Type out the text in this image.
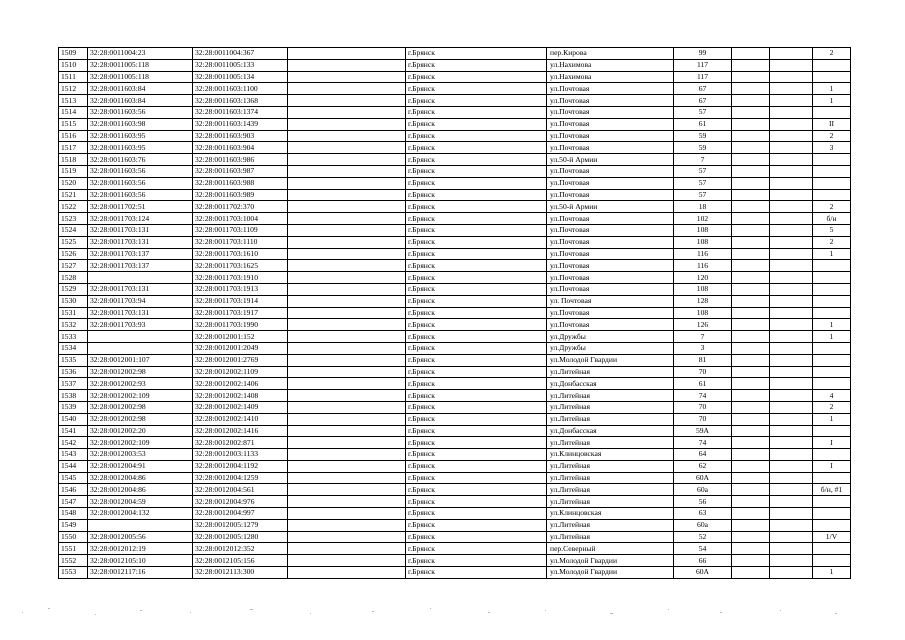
1509	32:28:0011004:23	32:28:0011004:367		г.Брянск	пер.Кирова	99			2
1510	32:28:0011005:118	32:28:0011005:133		г.Брянск	ул.Нахимова	117			
1511	32:28:0011005:118	32:28:0011005:134		г.Брянск	ул.Нахимова	117			
1512	32:28:0011603:84	32:28:0011603:1100		г.Брянск	ул.Почтовая	67			1
1513	32:28:0011603:84	32:28:0011603:1368		г.Брянск	ул.Почтовая	67			1
1514	32:28:0011603:56	32:28:0011603:1374		г.Брянск	ул.Почтовая	57			
1515	32:28:0011603:98	32:28:0011603:1439		г.Брянск	ул.Почтовая	61			II
1516	32:28:0011603:95	32:28:0011603:903		г.Брянск	ул.Почтовая	59			2
1517	32:28:0011603:95	32:28:0011603:904		г.Брянск	ул.Почтовая	59			3
1518	32:28:0011603:76	32:28:0011603:986		г.Брянск	ул.50-й Армии	7			
1519	32:28:0011603:56	32:28:0011603:987		г.Брянск	ул.Почтовая	57			
1520	32:28:0011603:56	32:28:0011603:988		г.Брянск	ул.Почтовая	57			
1521	32:28:0011603:56	32:28:0011603:989		г.Брянск	ул.Почтовая	57			
1522	32:28:0011702:51	32:28:0011702:370		г.Брянск	ул.50-й Армии	18			2
1523	32:28:0011703:124	32:28:0011703:1004		г.Брянск	ул.Почтовая	102			б/н
1524	32:28:0011703:131	32:28:0011703:1109		г.Брянск	ул.Почтовая	108			5
1525	32:28:0011703:131	32:28:0011703:1110		г.Брянск	ул.Почтовая	108			2
1526	32:28:0011703:137	32:28:0011703:1610		г.Брянск	ул.Почтовая	116			1
1527	32:28:0011703:137	32:28:0011703:1625		г.Брянск	ул.Почтовая	116			
1528		32:28:0011703:1910		г.Брянск	ул.Почтовая	120			
1529	32:28:0011703:131	32:28:0011703:1913		г.Брянск	ул.Почтовая	108			
1530	32:28:0011703:94	32:28:0011703:1914		г.Брянск	ул. Почтовая	128			
1531	32:28:0011703:131	32:28:0011703:1917		г.Брянск	ул.Почтовая	108			
1532	32:28:0011703:93	32:28:0011703:1990		г.Брянск	ул.Почтовая	126			1
1533		32:28:0012001:152		г.Брянск	ул.Дружбы	7			1
1534		32:28:0012001:2049		г.Брянск	ул.Дружбы	3			
1535	32:28:0012001:107	32:28:0012001:2769		г.Брянск	ул.Молодой Гвардии	81			
1536	32:28:0012002:98	32:28:0012002:1109		г.Брянск	ул.Литейная	70			
1537	32:28:0012002:93	32:28:0012002:1406		г.Брянск	ул.Донбасская	61			
1538	32:28:0012002:109	32:28:0012002:1408		г.Брянск	ул.Литейная	74			4
1539	32:28:0012002:98	32:28:0012002:1409		г.Брянск	ул.Литейная	70			2
1540	32:28:0012002:98	32:28:0012002:1410		г.Брянск	ул.Литейная	70			1
1541	32:28:0012002:20	32:28:0012002:1416		г.Брянск	ул.Донбасская	59А			
1542	32:28:0012002:109	32:28:0012002:871		г.Брянск	ул.Литейная	74			I
1543	32:28:0012003:53	32:28:0012003:1133		г.Брянск	ул.Клинцовская	64			
1544	32:28:0012004:91	32:28:0012004:1192		г.Брянск	ул.Литейная	62			I
1545	32:28:0012004:86	32:28:0012004:1259		г.Брянск	ул.Литейная	60А			
1546	32:28:0012004:86	32:28:0012004:561		г.Брянск	ул.Литейная	60а			б/н, #1
1547	32:28:0012004:59	32:28:0012004:976		г.Брянск	ул.Литейная	56			
1548	32:28:0012004:132	32:28:0012004:997		г.Брянск	ул.Клинцовская	63			
1549		32:28:0012005:1279		г.Брянск	ул.Литейная	60а			
1550	32:28:0012005:56	32:28:0012005:1280		г.Брянск	ул.Литейная	52			1/V
1551	32:28:0012012:19	32:28:0012012:352		г.Брянск	пер.Северный	54			
1552	32:28:0012105:10	32:28:0012105:156		г.Брянск	ул.Молодой Гвардии	66			
1553	32:28:0012117:16	32:28:0012113:300		г.Брянск	ул.Молодой Гвардии	60А			1
